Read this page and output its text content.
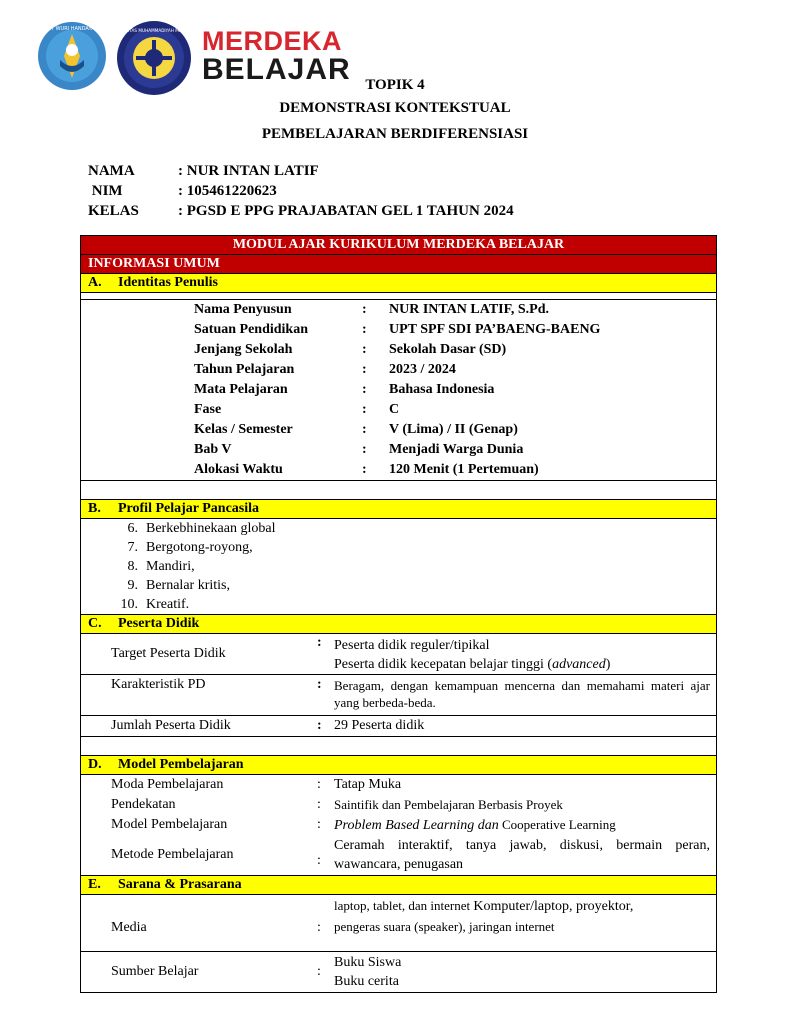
TUT WURI HANDAYANI UNIVERSITAS MUHAMMADIYAH MAKASSAR MERDEKA
BELAJAR TOPIK 4
DEMONSTRASI KONTEKSTUAL
PEMBELAJARAN BERDIFERENSIASI
NAMA	: NUR INTAN LATIF
NIM	: 105461220623
KELAS	: PGSD E PPG PRAJABATAN GEL 1 TAHUN 2024
MODUL AJAR KURIKULUM MERDEKA BELAJAR
INFORMASI UMUM
A. Identitas Penulis

Nama Penyusun	:	NUR INTAN LATIF, S.Pd.
Satuan Pendidikan	:	UPT SPF SDI PA’BAENG-BAENG
Jenjang Sekolah	:	Sekolah Dasar (SD)
Tahun Pelajaran	:	2023 / 2024
Mata Pelajaran	:	Bahasa Indonesia
Fase	:	C
Kelas / Semester	:	V (Lima) / II (Genap)
Bab V	:	Menjadi Warga Dunia
Alokasi Waktu	:	120 Menit (1 Pertemuan)

B. Profil Pelajar Pancasila

6. Berkebhinekaan global
7. Bergotong-royong,
8. Mandiri,
9. Bernalar kritis,
10. Kreatif.

C. Peserta Didik

Target Peserta Didik
: Peserta didik reguler/tipikal
Peserta didik kecepatan belajar tinggi (advanced)

Karakteristik PD	: Beragam, dengan kemampuan mencerna dan memahami materi ajar yang berbeda-beda.

Jumlah Peserta Didik	: 29 Peserta didik

D. Model Pembelajaran

Moda Pembelajaran	: Tatap Muka
Pendekatan	:	Saintifik dan Pembelajaran Berbasis Proyek
Model Pembelajaran	: Problem Based Learning dan Cooperative Learning
Metode Pembelajaran	:
Ceramah interaktif, tanya jawab, diskusi, bermain peran, wawancara, penugasan

E. Sarana & Prasarana

Media	:
laptop, tablet, dan internet Komputer/laptop, proyektor,
pengeras suara (speaker), jaringan internet

Sumber Belajar	:
Buku Siswa
Buku cerita
